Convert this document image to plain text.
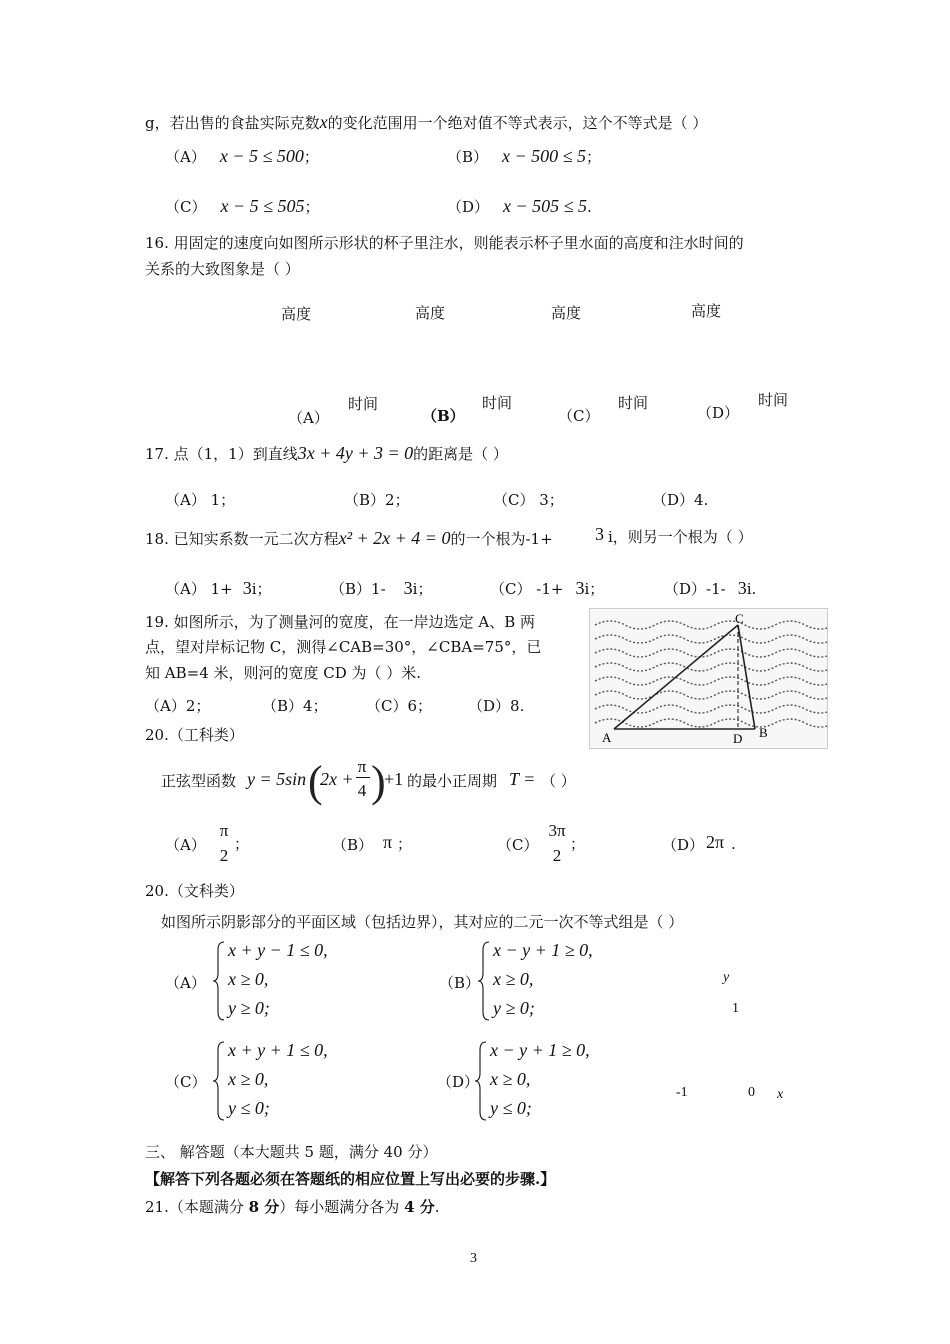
g，若出售的食盐实际克数x的变化范围用一个绝对值不等式表示，这个不等式是（ ）
（A） x − 5 ≤ 500；	（B） x − 500 ≤ 5；
（C） x − 5 ≤ 505；	（D） x − 505 ≤ 5.
16. 用固定的速度向如图所示形状的杯子里注水，则能表示杯子里水面的高度和注水时间的
关系的大致图象是（ ）
高度	高度	高度	高度
时间	时间	时间	时间
（A）	（B）	（C）	（D）
17. 点（1，1）到直线3x + 4y + 3 = 0的距离是（ ）
（A） 1；	（B）2；	（C） 3；	（D）4.
18. 已知实系数一元二次方程x² + 2x + 4 = 0的一个根为-1+ 3 i，则另一个根为（ ）
（A） 1+ 3i；	（B）1- 3i；	（C） -1+ 3i；	（D）-1- 3i.
19. 如图所示，为了测量河的宽度，在一岸边选定 A、B 两
点，望对岸标记物 C，测得∠CAB=30°，∠CBA=75°，已
知 AB=4 米，则河的宽度 CD 为（ ）米.
（A）2；	（B）4；	（C）6； （D）8.
A	B
C
D
20.（工科类）
正弦型函数 y = 5sin (
2x +
π
4 )
+1 的最小正周期 T = （ ）
（A）
π
2
；	（B） π ；	（C）
3π
2
；	（D） 2π .
20.（文科类）
如图所示阴影部分的平面区域（包括边界），其对应的二元一次不等式组是（ ）
（A）
x + y − 1 ≤ 0,
x ≥ 0,
y ≥ 0;
（B）
x − y + 1 ≥ 0,
x ≥ 0,
y ≥ 0;
（C）
x + y + 1 ≤ 0,
x ≥ 0,
y ≤ 0;
（D）
x − y + 1 ≥ 0,
x ≥ 0,
y ≤ 0;
y
1
-1	0 x
三、 解答题（本大题共 5 题，满分 40 分）
【解答下列各题必须在答题纸的相应位置上写出必要的步骤.】
21.（本题满分 8 分）每小题满分各为 4 分.
3
